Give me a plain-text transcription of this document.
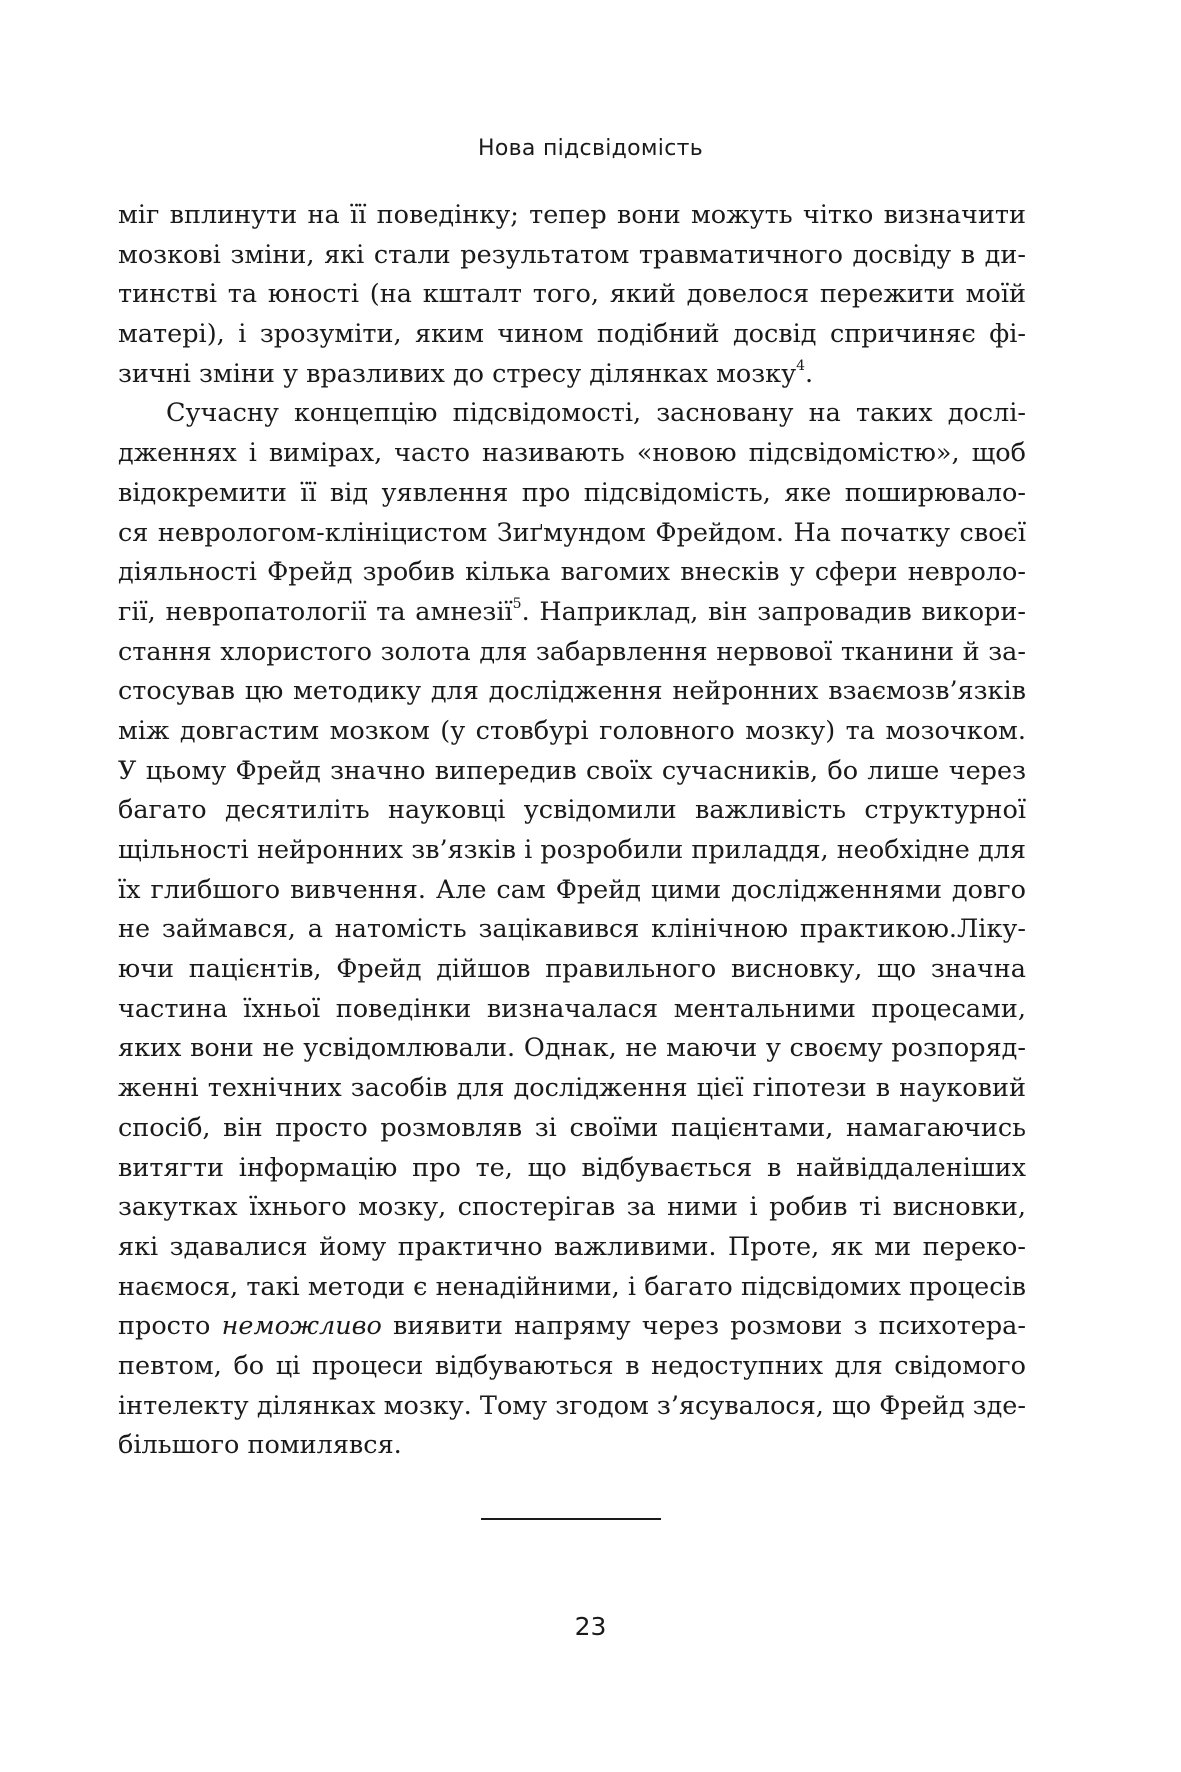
Нова підсвідомість
міг вплинути на її поведінку; тепер вони можуть чітко визначити
мозкові зміни, які стали результатом травматичного досвіду в ди-
тинстві та юності (на кшталт того, який довелося пережити моїй
матері), і зрозуміти, яким чином подібний досвід спричиняє фі-
зичні зміни у вразливих до стресу ділянках мозку$^4$.
Сучасну концепцію підсвідомості, засновану на таких дослі-
дженнях і вимірах, часто називають «новою підсвідомістю», щоб
відокремити її від уявлення про підсвідомість, яке поширювало-
ся неврологом-клініцистом Зиґмундом Фрейдом. На початку своєї
діяльності Фрейд зробив кілька вагомих внесків у сфери невроло-
гії, невропатології та амнезії$^5$. Наприклад, він запровадив викори-
стання хлористого золота для забарвлення нервової тканини й за-
стосував цю методику для дослідження нейронних взаємозв’язків
між довгастим мозком (у стовбурі головного мозку) та мозочком.
У цьому Фрейд значно випередив своїх сучасників, бо лише через
багато десятиліть науковці усвідомили важливість структурної
щільності нейронних зв’язків і розробили приладдя, необхідне для
їх глибшого вивчення. Але сам Фрейд цими дослідженнями довго
не займався, а натомість зацікавився клінічною практикою.Ліку-
ючи пацієнтів, Фрейд дійшов правильного висновку, що значна
частина їхньої поведінки визначалася ментальними процесами,
яких вони не усвідомлювали. Однак, не маючи у своєму розпоряд-
женні технічних засобів для дослідження цієї гіпотези в науковий
спосіб, він просто розмовляв зі своїми пацієнтами, намагаючись
витягти інформацію про те, що відбувається в найвіддаленіших
закутках їхнього мозку, спостерігав за ними і робив ті висновки,
які здавалися йому практично важливими. Проте, як ми переко-
наємося, такі методи є ненадійними, і багато підсвідомих процесів
просто неможливо виявити напряму через розмови з психотера-
певтом, бо ці процеси відбуваються в недоступних для свідомого
інтелекту ділянках мозку. Тому згодом з’ясувалося, що Фрейд зде-
більшого помилявся.
23
